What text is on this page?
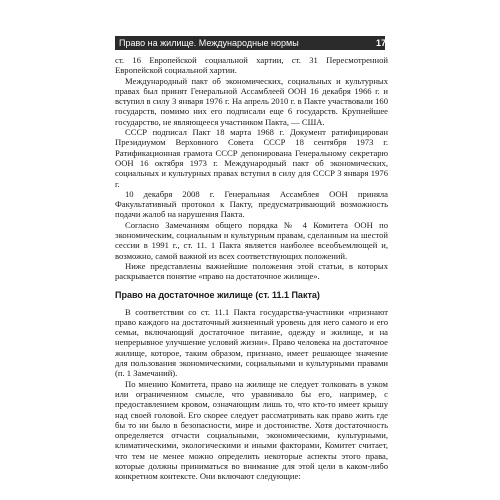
Право на жилище. Международные нормы	17

ст. 16 Европейской социальной хартии, ст. 31 Пересмотренной Европейской социальной хартии.

Международный пакт об экономических, социальных и культурных правах был принят Генеральной Ассамблеей ООН 16 декабря 1966 г. и вступил в силу 3 января 1976 г. На апрель 2010 г. в Пакте участвовали 160 государств, помимо них его подписали еще 6 государств. Крупнейшее государство, не являющееся участником Пакта, — США.

СССР подписал Пакт 18 марта 1968 г. Документ ратифицирован Президиумом Верховного Совета СССР 18 сентября 1973 г. Ратификационная грамота СССР депонирована Генеральному секретарю ООН 16 октября 1973 г. Международный пакт об экономических, социальных и культурных правах вступил в силу для СССР 3 января 1976 г.

10 декабря 2008 г. Генеральная Ассамблея ООН приняла Факультативный протокол к Пакту, предусматривающий возможность подачи жалоб на нарушения Пакта.

Согласно Замечаниям общего порядка № 4 Комитета ООН по экономическим, социальным и культурным правам, сделанным на шестой сессии в 1991 г., ст. 11. 1 Пакта является наиболее всеобъемлющей и, возможно, самой важной из всех соответствующих положений.

Ниже представлены важнейшие положения этой статьи, в которых раскрывается понятие «право на достаточное жилище».

Право на достаточное жилище (ст. 11.1 Пакта)

В соответствии со ст. 11.1 Пакта государства-участники «признают право каждого на достаточный жизненный уровень для него самого и его семьи, включающий достаточное питание, одежду и жилище, и на непрерывное улучшение условий жизни». Право человека на достаточное жилище, которое, таким образом, признано, имеет решающее значение для пользования экономическими, социальными и культурными правами (п. 1 Замечаний).

По мнению Комитета, право на жилище не следует толковать в узком или ограниченном смысле, что уравнивало бы его, например, с предоставлением кровом, означающим лишь то, что кто-то имеет крышу над своей головой. Его скорее следует рассматривать как право жить где бы то ни было в безопасности, мире и достоинстве. Хотя достаточность определяется отчасти социальными, экономическими, культурными, климатическими, экологическими и иными факторами, Комитет считает, что тем не менее можно определить некоторые аспекты этого права, которые должны приниматься во внимание для этой цели в каком-либо конкретном контексте. Они включают следующие:
